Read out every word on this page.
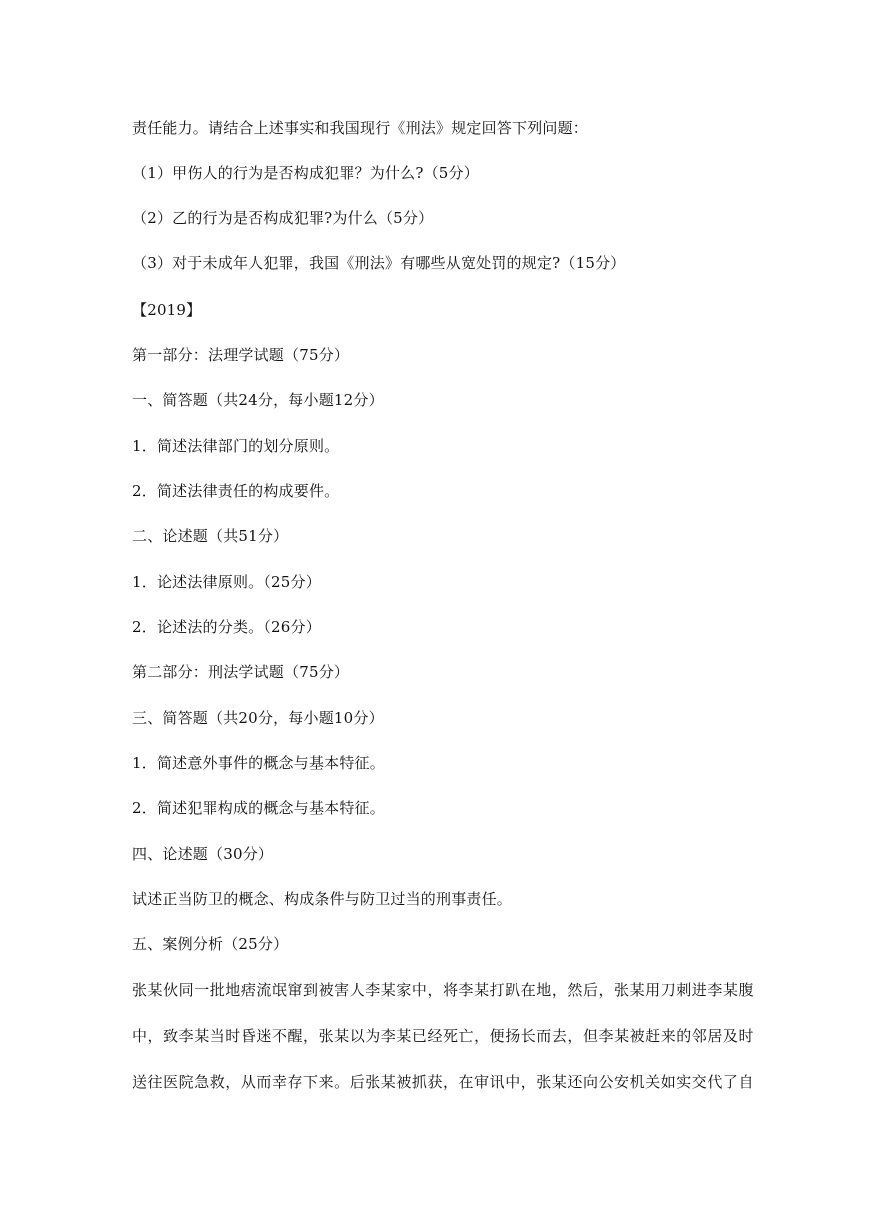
责任能力。请结合上述事实和我国现行《刑法》规定回答下列问题：
（1）甲伤人的行为是否构成犯罪？为什么?（5分）
（2）乙的行为是否构成犯罪?为什么（5分）
（3）对于未成年人犯罪，我国《刑法》有哪些从宽处罚的规定?（15分）
【2019】
第一部分：法理学试题（75分）
一、简答题（共24分，每小题12分）
1．简述法律部门的划分原则。
2．简述法律责任的构成要件。
二、论述题（共51分）
1．论述法律原则。（25分）
2．论述法的分类。（26分）
第二部分：刑法学试题（75分）
三、简答题（共20分，每小题10分）
1．简述意外事件的概念与基本特征。
2．简述犯罪构成的概念与基本特征。
四、论述题（30分）
试述正当防卫的概念、构成条件与防卫过当的刑事责任。
五、案例分析（25分）
张某伙同一批地痞流氓窜到被害人李某家中，将李某打趴在地，然后，张某用刀刺进李某腹
中，致李某当时昏迷不醒，张某以为李某已经死亡，便扬长而去，但李某被赶来的邻居及时
送往医院急救，从而幸存下来。后张某被抓获，在审讯中，张某还向公安机关如实交代了自
